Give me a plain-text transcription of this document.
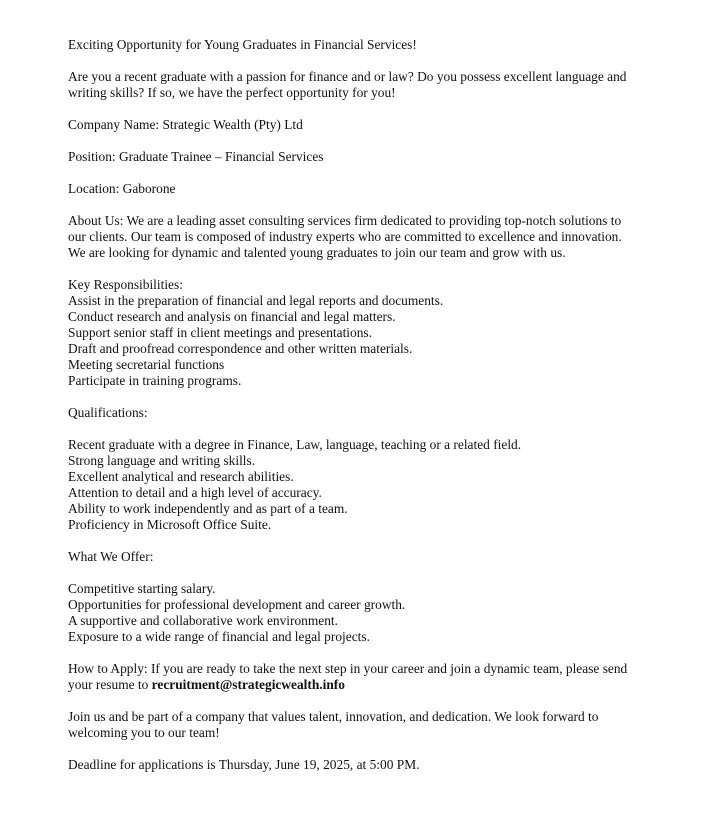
Exciting Opportunity for Young Graduates in Financial Services!

Are you a recent graduate with a passion for finance and or law? Do you possess excellent language and writing skills? If so, we have the perfect opportunity for you!

Company Name: Strategic Wealth (Pty) Ltd

Position: Graduate Trainee – Financial Services

Location: Gaborone

About Us: We are a leading asset consulting services firm dedicated to providing top-notch solutions to our clients. Our team is composed of industry experts who are committed to excellence and innovation. We are looking for dynamic and talented young graduates to join our team and grow with us.

Key Responsibilities:
Assist in the preparation of financial and legal reports and documents.
Conduct research and analysis on financial and legal matters.
Support senior staff in client meetings and presentations.
Draft and proofread correspondence and other written materials.
Meeting secretarial functions
Participate in training programs.

Qualifications:

Recent graduate with a degree in Finance, Law, language, teaching or a related field.
Strong language and writing skills.
Excellent analytical and research abilities.
Attention to detail and a high level of accuracy.
Ability to work independently and as part of a team.
Proficiency in Microsoft Office Suite.

What We Offer:

Competitive starting salary.
Opportunities for professional development and career growth.
A supportive and collaborative work environment.
Exposure to a wide range of financial and legal projects.

How to Apply: If you are ready to take the next step in your career and join a dynamic team, please send your resume to recruitment@strategicwealth.info

Join us and be part of a company that values talent, innovation, and dedication. We look forward to welcoming you to our team!

Deadline for applications is Thursday, June 19, 2025, at 5:00 PM.
